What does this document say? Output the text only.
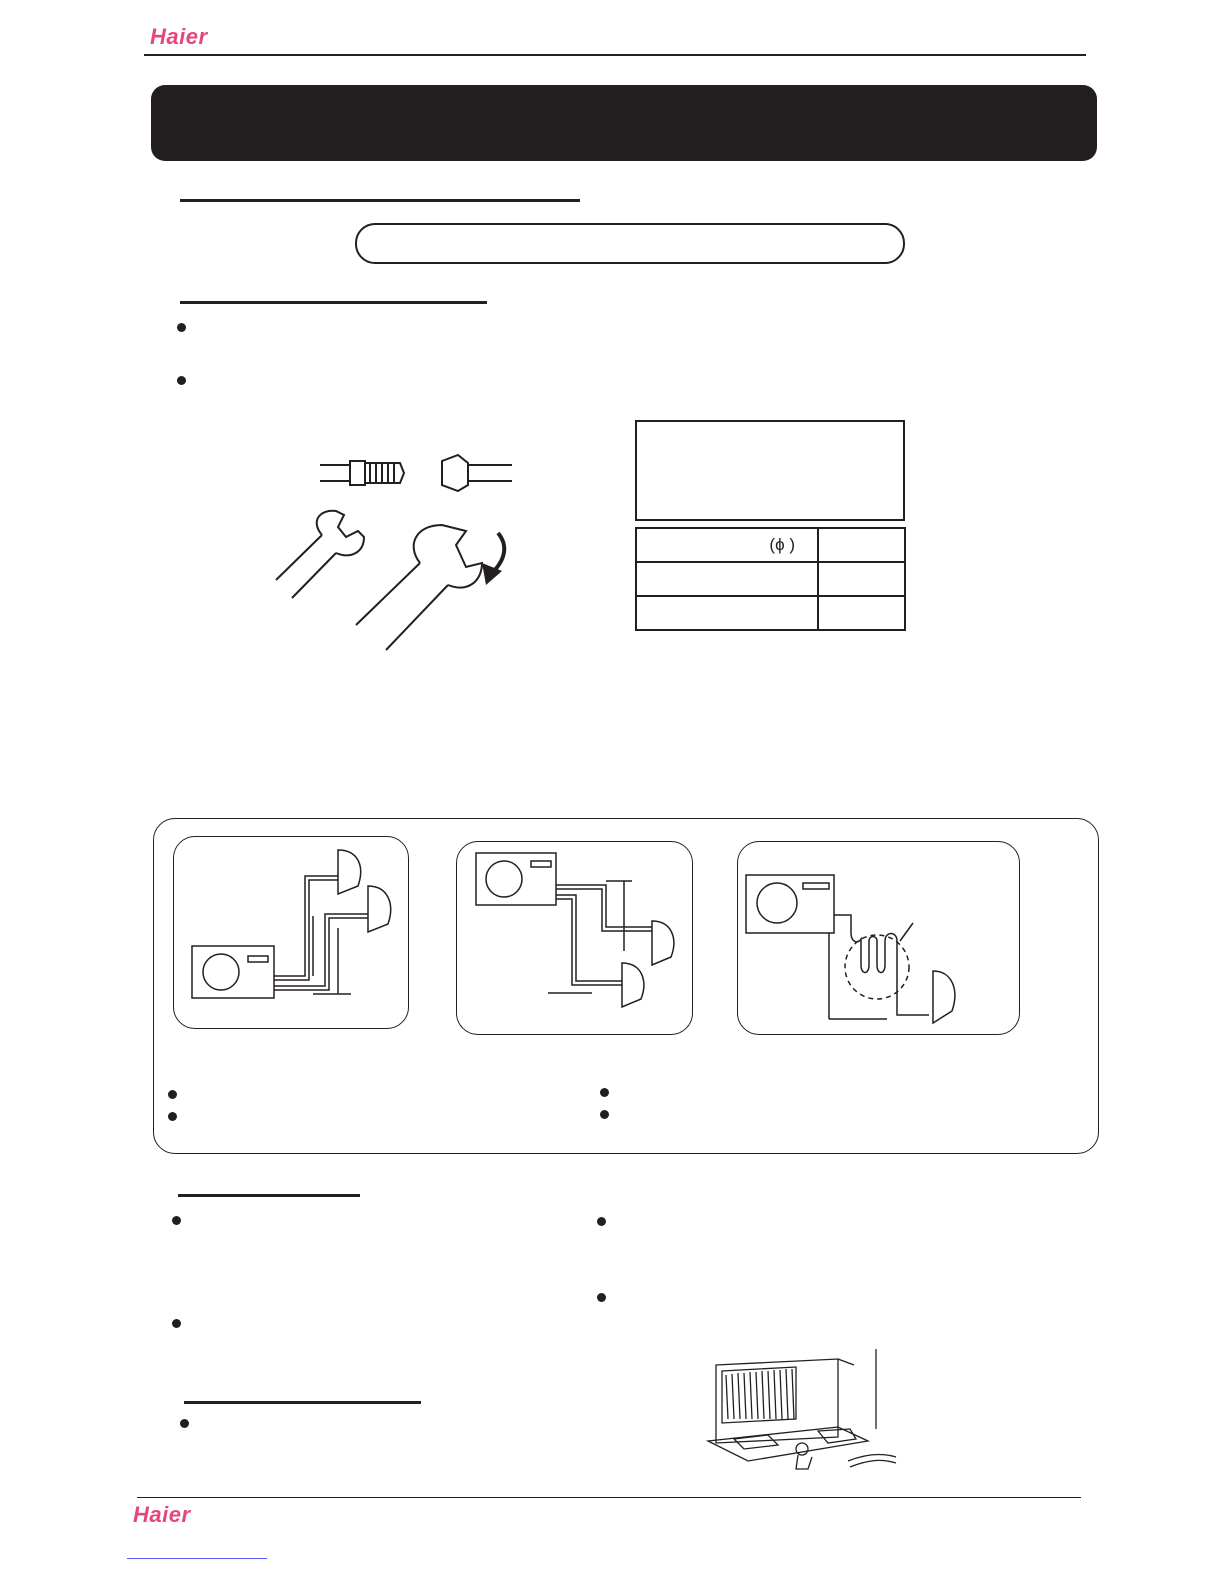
Haier
(ϕ )	

Haier
